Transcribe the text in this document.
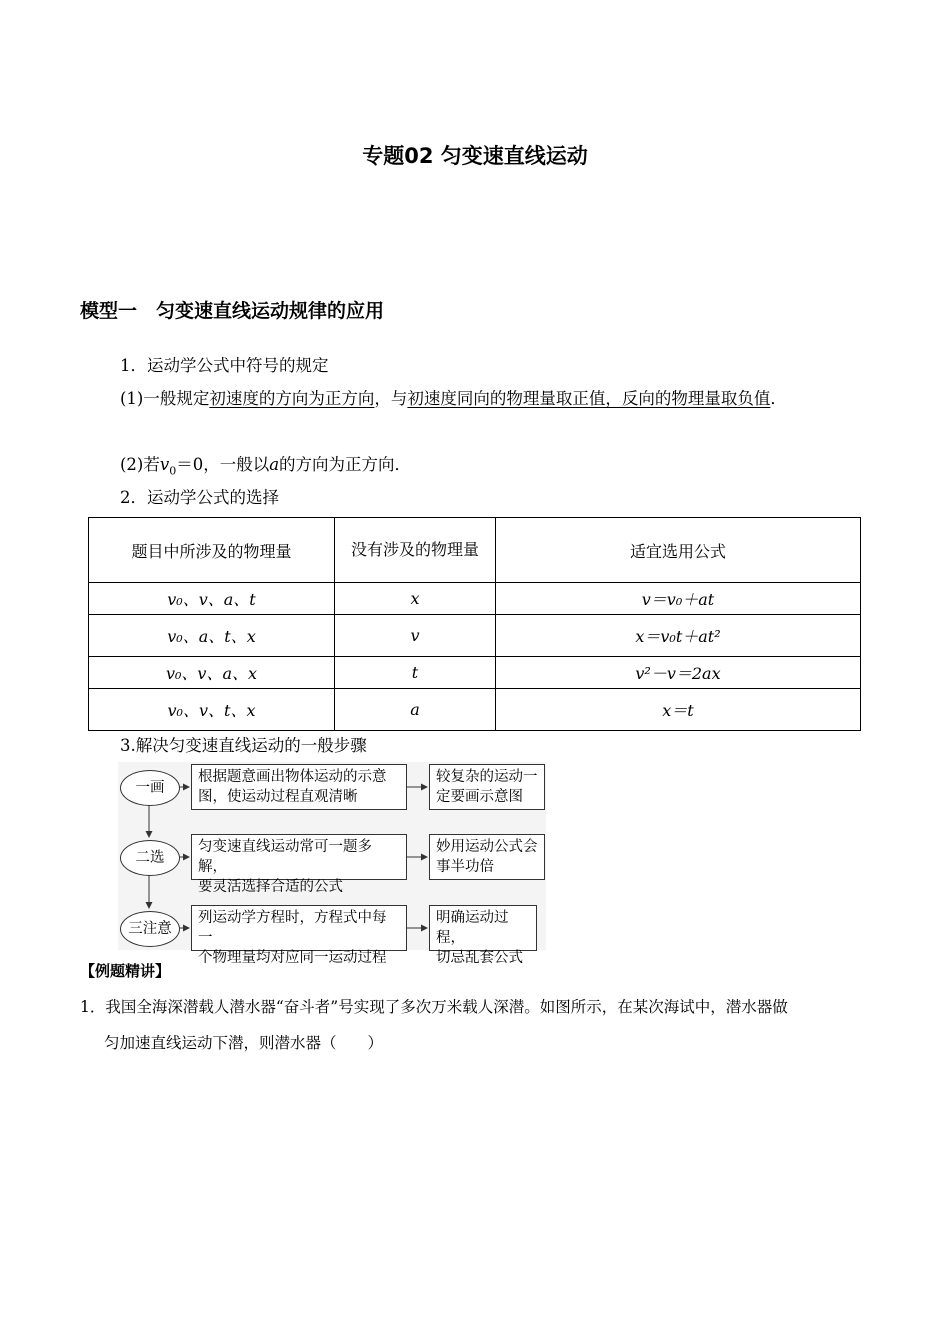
专题02 匀变速直线运动
模型一　匀变速直线运动规律的应用
1．运动学公式中符号的规定
(1)一般规定初速度的方向为正方向，与初速度同向的物理量取正值，反向的物理量取负值．
(2)若$v_0=0$，一般以a的方向为正方向．
2．运动学公式的选择
题目中所涉及的物理量	没有涉及的物理量	适宜选用公式
v₀、v、a、t	x	v＝v₀＋at
v₀、a、t、x	v	x＝v₀t＋at²
v₀、v、a、x	t	v²－v＝2ax
v₀、v、t、x	a	x＝t
3.解决匀变速直线运动的一般步骤
一画
根据题意画出物体运动的示意
图，使运动过程直观清晰
较复杂的运动一
定要画示意图
二选
匀变速直线运动常可一题多解，
要灵活选择合适的公式
妙用运动公式会
事半功倍
三注意
列运动学方程时，方程式中每一
个物理量均对应同一运动过程
明确运动过程，
切忌乱套公式
【例题精讲】
1．我国全海深潜载人潜水器“奋斗者”号实现了多次万米载人深潜。如图所示，在某次海试中，潜水器做
匀加速直线运动下潜，则潜水器（　　）
